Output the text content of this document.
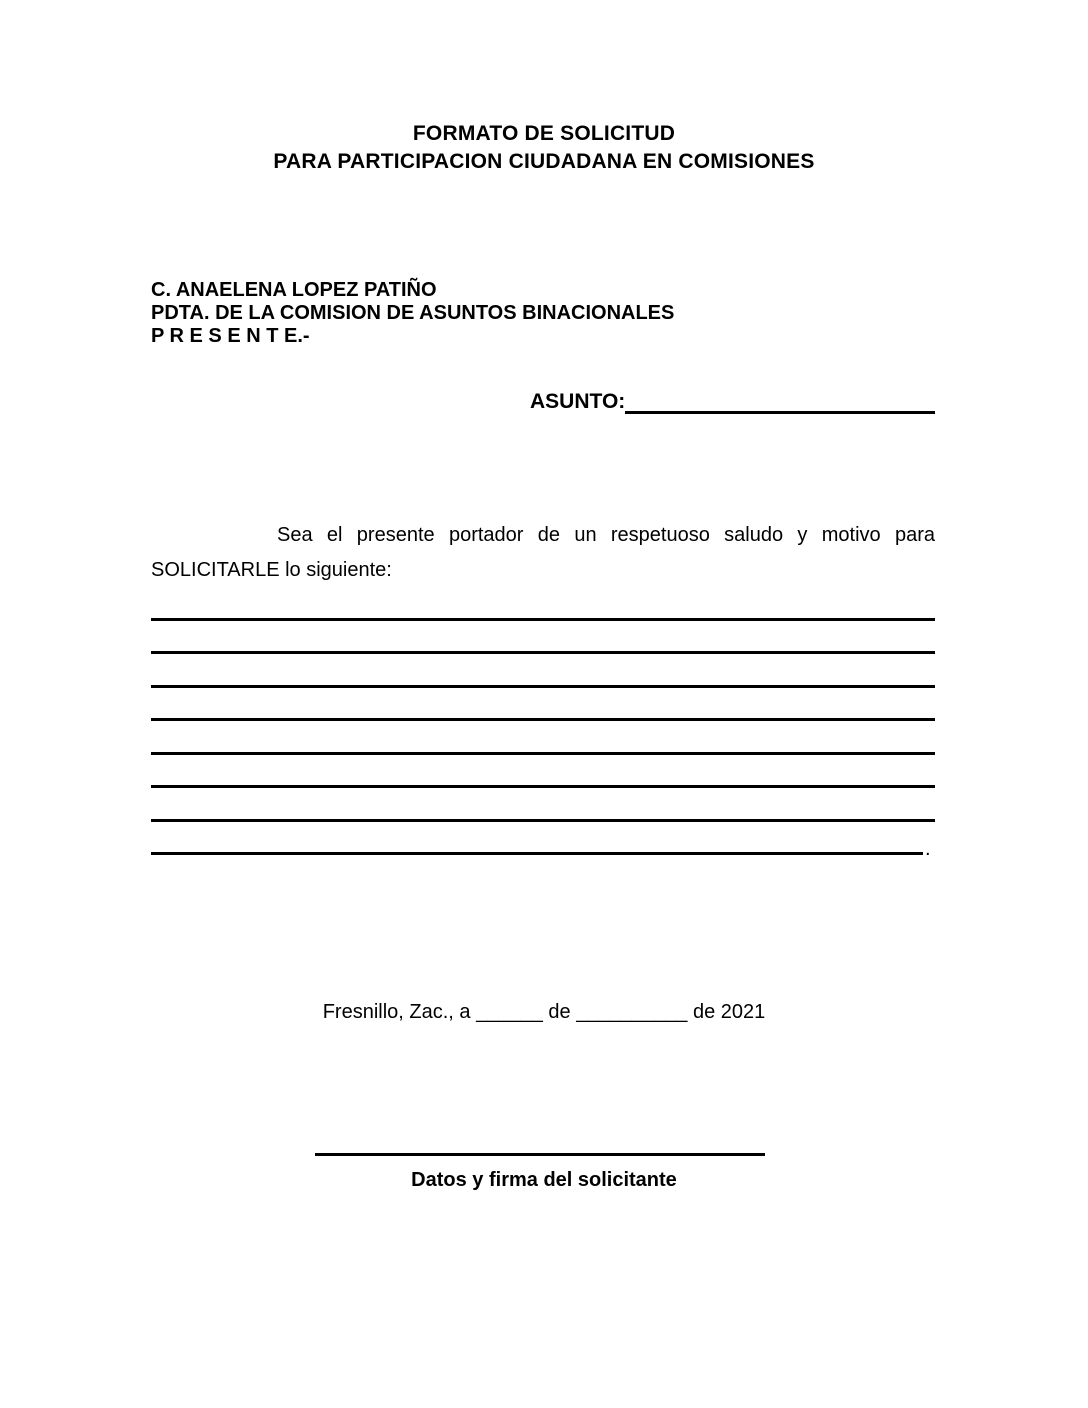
FORMATO DE SOLICITUD
PARA PARTICIPACION CIUDADANA EN COMISIONES
C. ANAELENA LOPEZ PATIÑO
PDTA. DE LA COMISION DE ASUNTOS BINACIONALES
P R E S E N T E.-
ASUNTO:
Sea el presente portador de un respetuoso saludo y motivo para
SOLICITARLE lo siguiente:
.
Fresnillo, Zac., a ______ de __________ de 2021
Datos y firma del solicitante
